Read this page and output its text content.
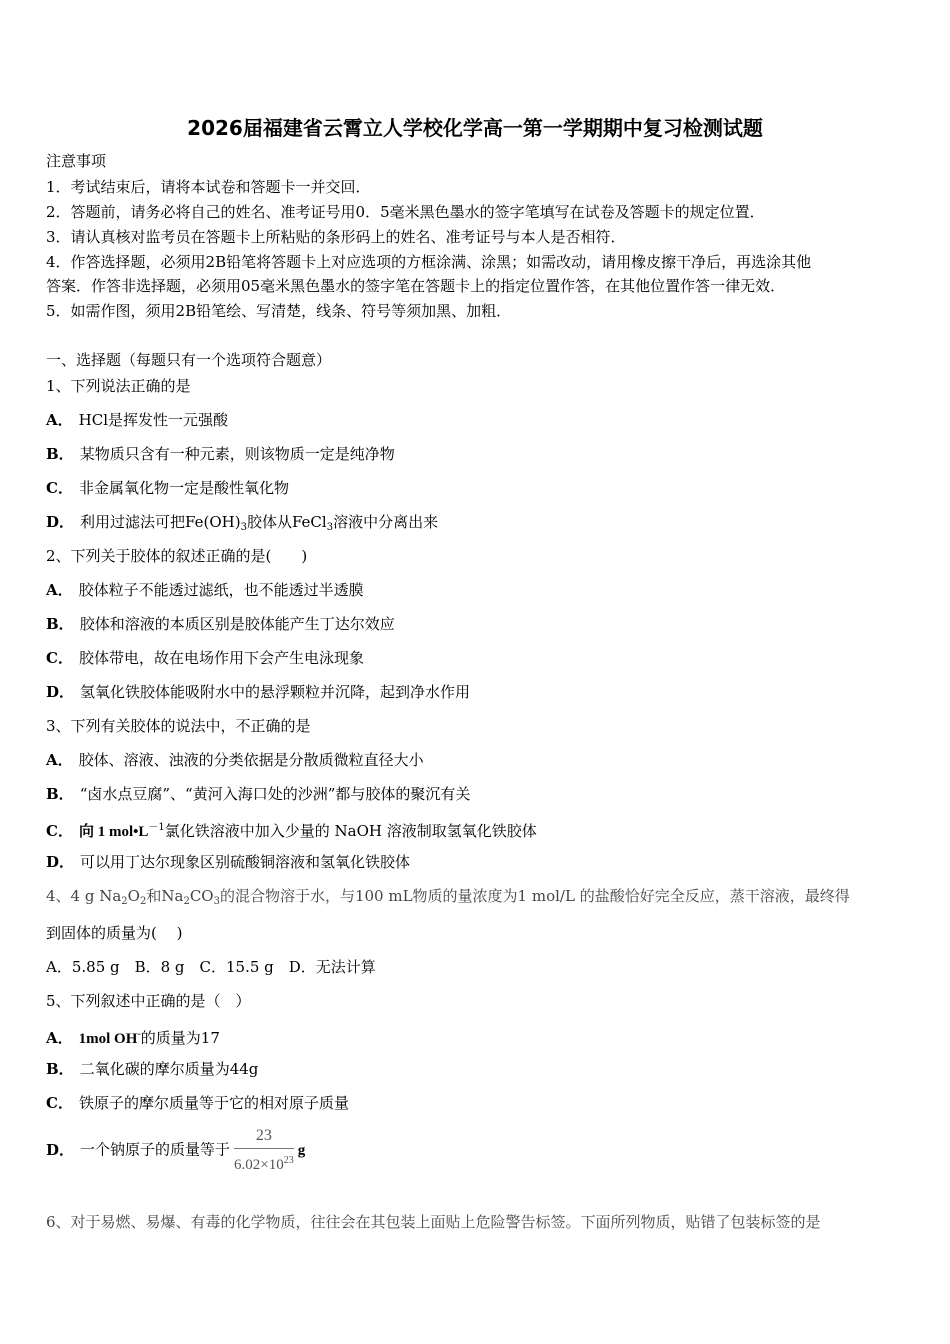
2026届福建省云霄立人学校化学高一第一学期期中复习检测试题
注意事项
1．考试结束后，请将本试卷和答题卡一并交回．
2．答题前，请务必将自己的姓名、准考证号用0．5毫米黑色墨水的签字笔填写在试卷及答题卡的规定位置．
3．请认真核对监考员在答题卡上所粘贴的条形码上的姓名、准考证号与本人是否相符．
4．作答选择题，必须用2B铅笔将答题卡上对应选项的方框涂满、涂黑；如需改动，请用橡皮擦干净后，再选涂其他
答案．作答非选择题，必须用05毫米黑色墨水的签字笔在答题卡上的指定位置作答，在其他位置作答一律无效．
5．如需作图，须用2B铅笔绘、写清楚，线条、符号等须加黑、加粗．
一、选择题（每题只有一个选项符合题意）
1、下列说法正确的是
A． HCl是挥发性一元强酸
B． 某物质只含有一种元素，则该物质一定是纯净物
C． 非金属氧化物一定是酸性氧化物
D． 利用过滤法可把$Fe(OH)_3$胶体从FeCl$_3$溶液中分离出来
2、下列关于胶体的叙述正确的是(　　)
A． 胶体粒子不能透过滤纸，也不能透过半透膜
B． 胶体和溶液的本质区别是胶体能产生丁达尔效应
C． 胶体带电，故在电场作用下会产生电泳现象
D． 氢氧化铁胶体能吸附水中的悬浮颗粒并沉降，起到净水作用
3、下列有关胶体的说法中，不正确的是
A． 胶体、溶液、浊液的分类依据是分散质微粒直径大小
B． “卤水点豆腐”、“黄河入海口处的沙洲”都与胶体的聚沉有关
C． 向 1 $mol•L^{-1}$氯化铁溶液中加入少量的 NaOH 溶液制取氢氧化铁胶体
D． 可以用丁达尔现象区别硫酸铜溶液和氢氧化铁胶体
4、4 g $Na_2O_2$和$Na_2CO_3$的混合物溶于水，与100 mL物质的量浓度为1 mol/L 的盐酸恰好完全反应，蒸干溶液，最终得
到固体的质量为(　 )
A．5.85 g　B．8 g　C．15.5 g　D．无法计算
5、下列叙述中正确的是（　）
A． 1mol OH-的质量为17
B． 二氧化碳的摩尔质量为44g
C． 铁原子的摩尔质量等于它的相对原子质量
D． 一个钠原子的质量等于 $\frac{23}{6.02\times 10^{23}}$ g
6、对于易燃、易爆、有毒的化学物质，往往会在其包装上面贴上危险警告标签。下面所列物质，贴错了包装标签的是
